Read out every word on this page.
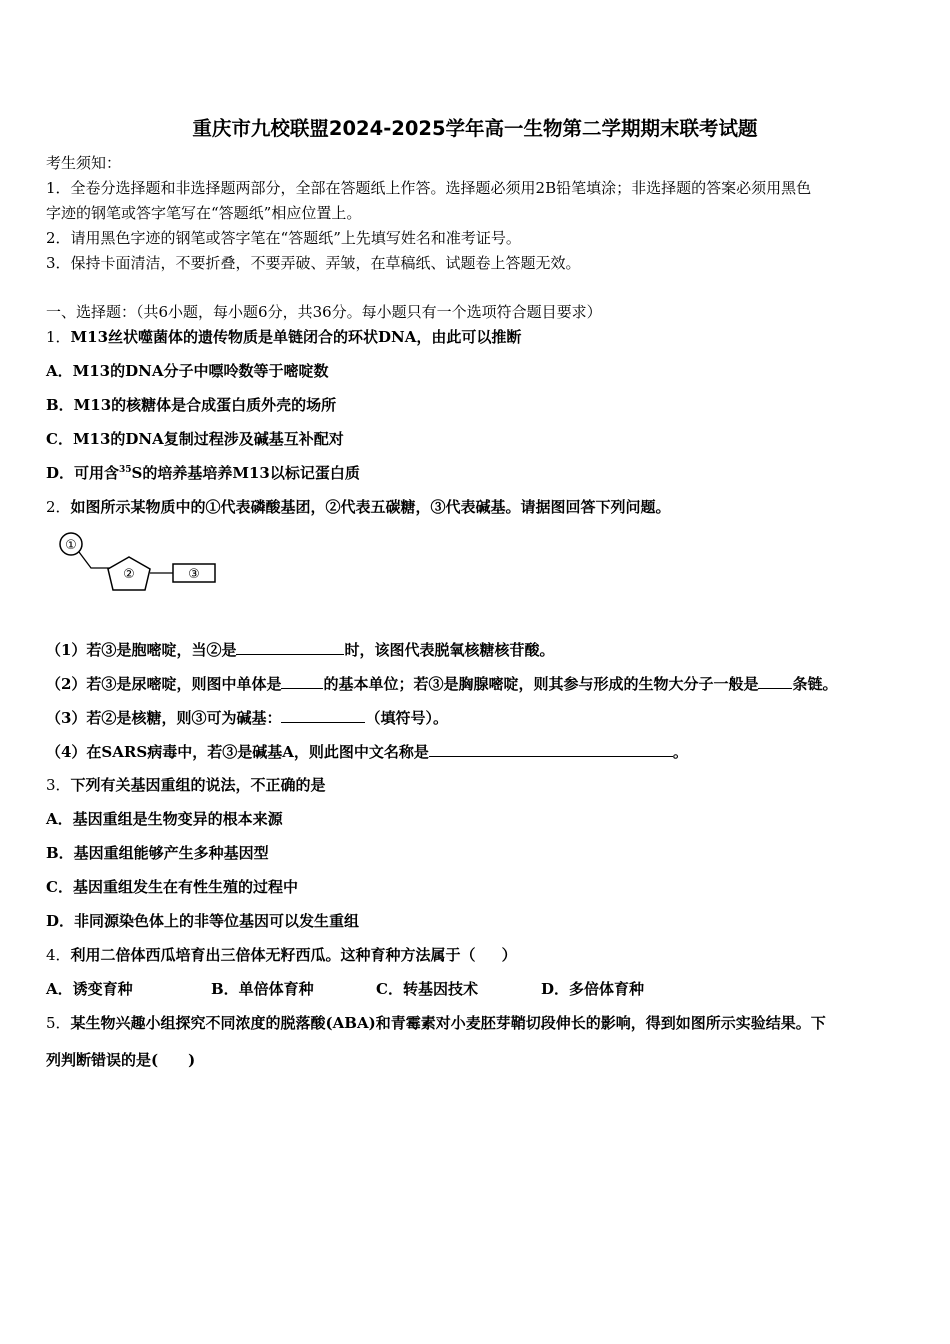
重庆市九校联盟2024-2025学年高一生物第二学期期末联考试题
考生须知：
1．全卷分选择题和非选择题两部分，全部在答题纸上作答。选择题必须用2B铅笔填涂；非选择题的答案必须用黑色
字迹的钢笔或答字笔写在“答题纸”相应位置上。
2．请用黑色字迹的钢笔或答字笔在“答题纸”上先填写姓名和准考证号。
3．保持卡面清洁，不要折叠，不要弄破、弄皱，在草稿纸、试题卷上答题无效。
一、选择题：（共6小题，每小题6分，共36分。每小题只有一个选项符合题目要求）
1．M13丝状噬菌体的遗传物质是单链闭合的环状DNA，由此可以推断
A．M13的DNA分子中嘌呤数等于嘧啶数
B．M13的核糖体是合成蛋白质外壳的场所
C．M13的DNA复制过程涉及碱基互补配对
D．可用含$^{35}$S的培养基培养M13以标记蛋白质
2．如图所示某物质中的①代表磷酸基团，②代表五碳糖，③代表碱基。请据图回答下列问题。
①
②	③
（1）若③是胞嘧啶，当②是	时，该图代表脱氧核糖核苷酸。
（2）若③是尿嘧啶，则图中单体是	的基本单位；若③是胸腺嘧啶，则其参与形成的生物大分子一般是 条链。
（3）若②是核糖，则③可为碱基：	（填符号）。
（4）在SARS病毒中，若③是碱基A，则此图中文名称是	。
3．下列有关基因重组的说法，不正确的是
A．基因重组是生物变异的根本来源
B．基因重组能够产生多种基因型
C．基因重组发生在有性生殖的过程中
D．非同源染色体上的非等位基因可以发生重组
4．利用二倍体西瓜培育出三倍体无籽西瓜。这种育种方法属于（ ）
A．诱变育种	B．单倍体育种	C．转基因技术	D．多倍体育种
5．某生物兴趣小组探究不同浓度的脱落酸(ABA)和青霉素对小麦胚芽鞘切段伸长的影响，得到如图所示实验结果。下
列判断错误的是( )
